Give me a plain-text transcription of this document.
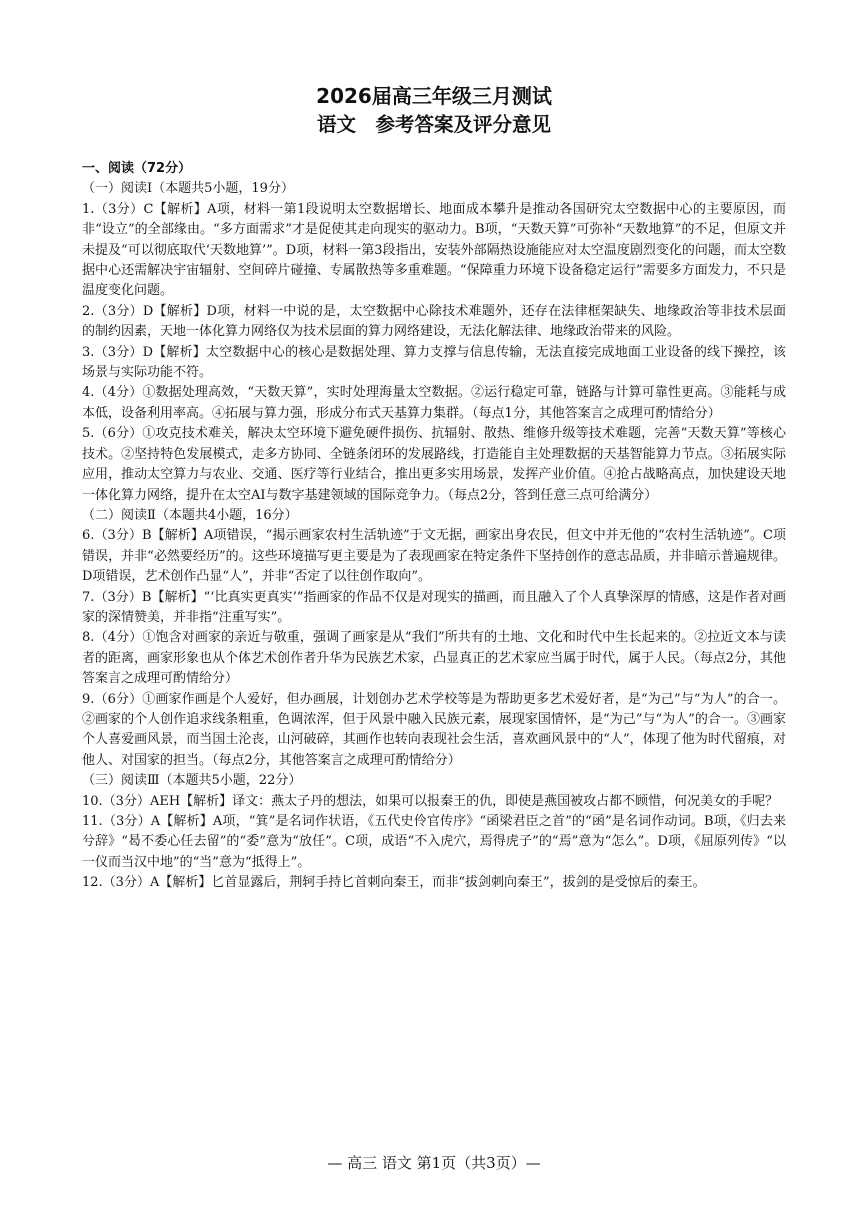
2026届高三年级三月测试
语文　参考答案及评分意见

一、阅读（72分）

（一）阅读Ⅰ（本题共5小题，19分）

1.（3分）C【解析】A项，材料一第1段说明太空数据增长、地面成本攀升是推动各国研究太空数据中心的主要原因，而非“设立”的全部缘由。“多方面需求”才是促使其走向现实的驱动力。B项，“天数天算”可弥补“天数地算”的不足，但原文并未提及“可以彻底取代‘天数地算’”。D项，材料一第3段指出，安装外部隔热设施能应对太空温度剧烈变化的问题，而太空数据中心还需解决宇宙辐射、空间碎片碰撞、专属散热等多重难题。“保障重力环境下设备稳定运行”需要多方面发力，不只是温度变化问题。

2.（3分）D【解析】D项，材料一中说的是，太空数据中心除技术难题外，还存在法律框架缺失、地缘政治等非技术层面的制约因素，天地一体化算力网络仅为技术层面的算力网络建设，无法化解法律、地缘政治带来的风险。

3.（3分）D【解析】太空数据中心的核心是数据处理、算力支撑与信息传输，无法直接完成地面工业设备的线下操控，该场景与实际功能不符。

4.（4分）①数据处理高效，“天数天算”，实时处理海量太空数据。②运行稳定可靠，链路与计算可靠性更高。③能耗与成本低，设备利用率高。④拓展与算力强，形成分布式天基算力集群。（每点1分，其他答案言之成理可酌情给分）

5.（6分）①攻克技术难关，解决太空环境下避免硬件损伤、抗辐射、散热、维修升级等技术难题，完善“天数天算”等核心技术。②坚持特色发展模式，走多方协同、全链条闭环的发展路线，打造能自主处理数据的天基智能算力节点。③拓展实际应用，推动太空算力与农业、交通、医疗等行业结合，推出更多实用场景，发挥产业价值。④抢占战略高点，加快建设天地一体化算力网络，提升在太空AI与数字基建领域的国际竞争力。（每点2分，答到任意三点可给满分）

（二）阅读Ⅱ（本题共4小题，16分）

6.（3分）B【解析】A项错误，“揭示画家农村生活轨迹”于文无据，画家出身农民，但文中并无他的“农村生活轨迹”。C项错误，并非“必然要经历”的。这些环境描写更主要是为了表现画家在特定条件下坚持创作的意志品质，并非暗示普遍规律。D项错误，艺术创作凸显“人”，并非“否定了以往创作取向”。

7.（3分）B【解析】“‘比真实更真实’”指画家的作品不仅是对现实的描画，而且融入了个人真挚深厚的情感，这是作者对画家的深情赞美，并非指“注重写实”。

8.（4分）①饱含对画家的亲近与敬重，强调了画家是从“我们”所共有的土地、文化和时代中生长起来的。②拉近文本与读者的距离，画家形象也从个体艺术创作者升华为民族艺术家，凸显真正的艺术家应当属于时代，属于人民。（每点2分，其他答案言之成理可酌情给分）

9.（6分）①画家作画是个人爱好，但办画展，计划创办艺术学校等是为帮助更多艺术爱好者，是“为己”与“为人”的合一。②画家的个人创作追求线条粗重，色调浓浑，但于风景中融入民族元素，展现家国情怀，是“为己”与“为人”的合一。③画家个人喜爱画风景，而当国土沦丧，山河破碎，其画作也转向表现社会生活，喜欢画风景中的“人”，体现了他为时代留痕，对他人、对国家的担当。（每点2分，其他答案言之成理可酌情给分）

（三）阅读Ⅲ（本题共5小题，22分）

10.（3分）AEH【解析】译文：燕太子丹的想法，如果可以报秦王的仇，即使是燕国被攻占都不顾惜，何况美女的手呢？

11.（3分）A【解析】A项，“箕”是名词作状语，《五代史伶官传序》“函梁君臣之首”的“函”是名词作动词。B项，《归去来兮辞》“曷不委心任去留”的“委”意为“放任”。C项，成语“不入虎穴，焉得虎子”的“焉”意为“怎么”。D项，《屈原列传》“以一仪而当汉中地”的“当”意为“抵得上”。

12.（3分）A【解析】匕首显露后，荆轲手持匕首刺向秦王，而非“拔剑刺向秦王”，拔剑的是受惊后的秦王。

— 高三 语文 第1页（共3页）—
